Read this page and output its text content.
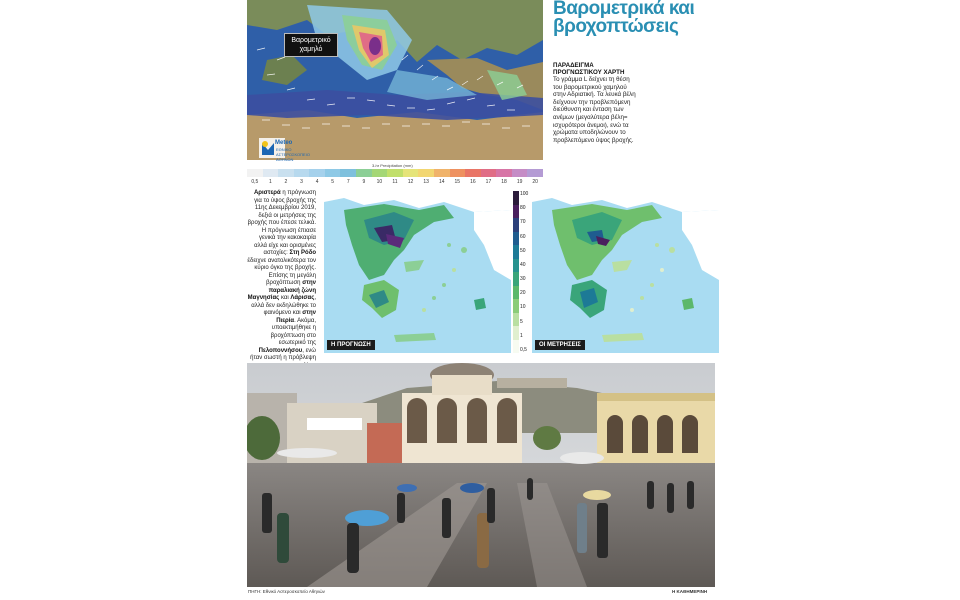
Βαρομετρικό χαμηλό
Meteo
ΕΘΝΙΚΟ ΑΣΤΕΡΟΣΚΟΠΕΙΟ ΑΘΗΝΩΝ
3-hr Precipitation (mm)
0,5	1	2	3	4	5	7	9	10	11	12	13	14	15	16	17	18	19	20
Βαρομετρικά και βροχοπτώσεις
ΠΑΡΑΔΕΙΓΜΑ ΠΡΟΓΝΩΣΤΙΚΟΥ ΧΑΡΤΗ
Το γράμμα L δείχνει τη θέση του βαρομετρικού χαμηλού στην Αδριατική. Τα λευκά βέλη δείχνουν την προβλεπόμενη διεύθυνση και ένταση των ανέμων (μεγαλύτερα βέλη= ισχυρότεροι άνεμοι), ενώ τα χρώματα υποδηλώνουν το προβλεπόμενο ύψος βροχής.
Αριστερά η πρόγνωση για το ύψος βροχής της 11ης Δεκεμβρίου 2019, δεξιά οι μετρήσεις της βροχής που έπεσε τελικά. Η πρόγνωση έπιασε γενικά την κακοκαιρία αλλά είχε και ορισμένες αστοχίες: Στη Ρόδο έδειχνε ανατολικότερα τον κύριο όγκο της βροχής. Επίσης τη μεγάλη βροχόπτωση στην παραλιακή ζώνη Μαγνησίας και Λάρισας, αλλά δεν εκδηλώθηκε το φαινόμενο και στην Πιερία. Ακόμα, υποεκτιμήθηκε η βροχόπτωση στο εσωτερικό της Πελοποννήσου, ενώ ήταν σωστή η πρόβλεψη
Η ΠΡΟΓΝΩΣΗ	ΟΙ ΜΕΤΡΗΣΕΙΣ
100
80
70
60
50
40
30
20
10
5
1
0,5
ΠΗΓΗ: Εθνικό Αστεροσκοπείο Αθηνών	Η ΚΑΘΗΜΕΡΙΝΗ
